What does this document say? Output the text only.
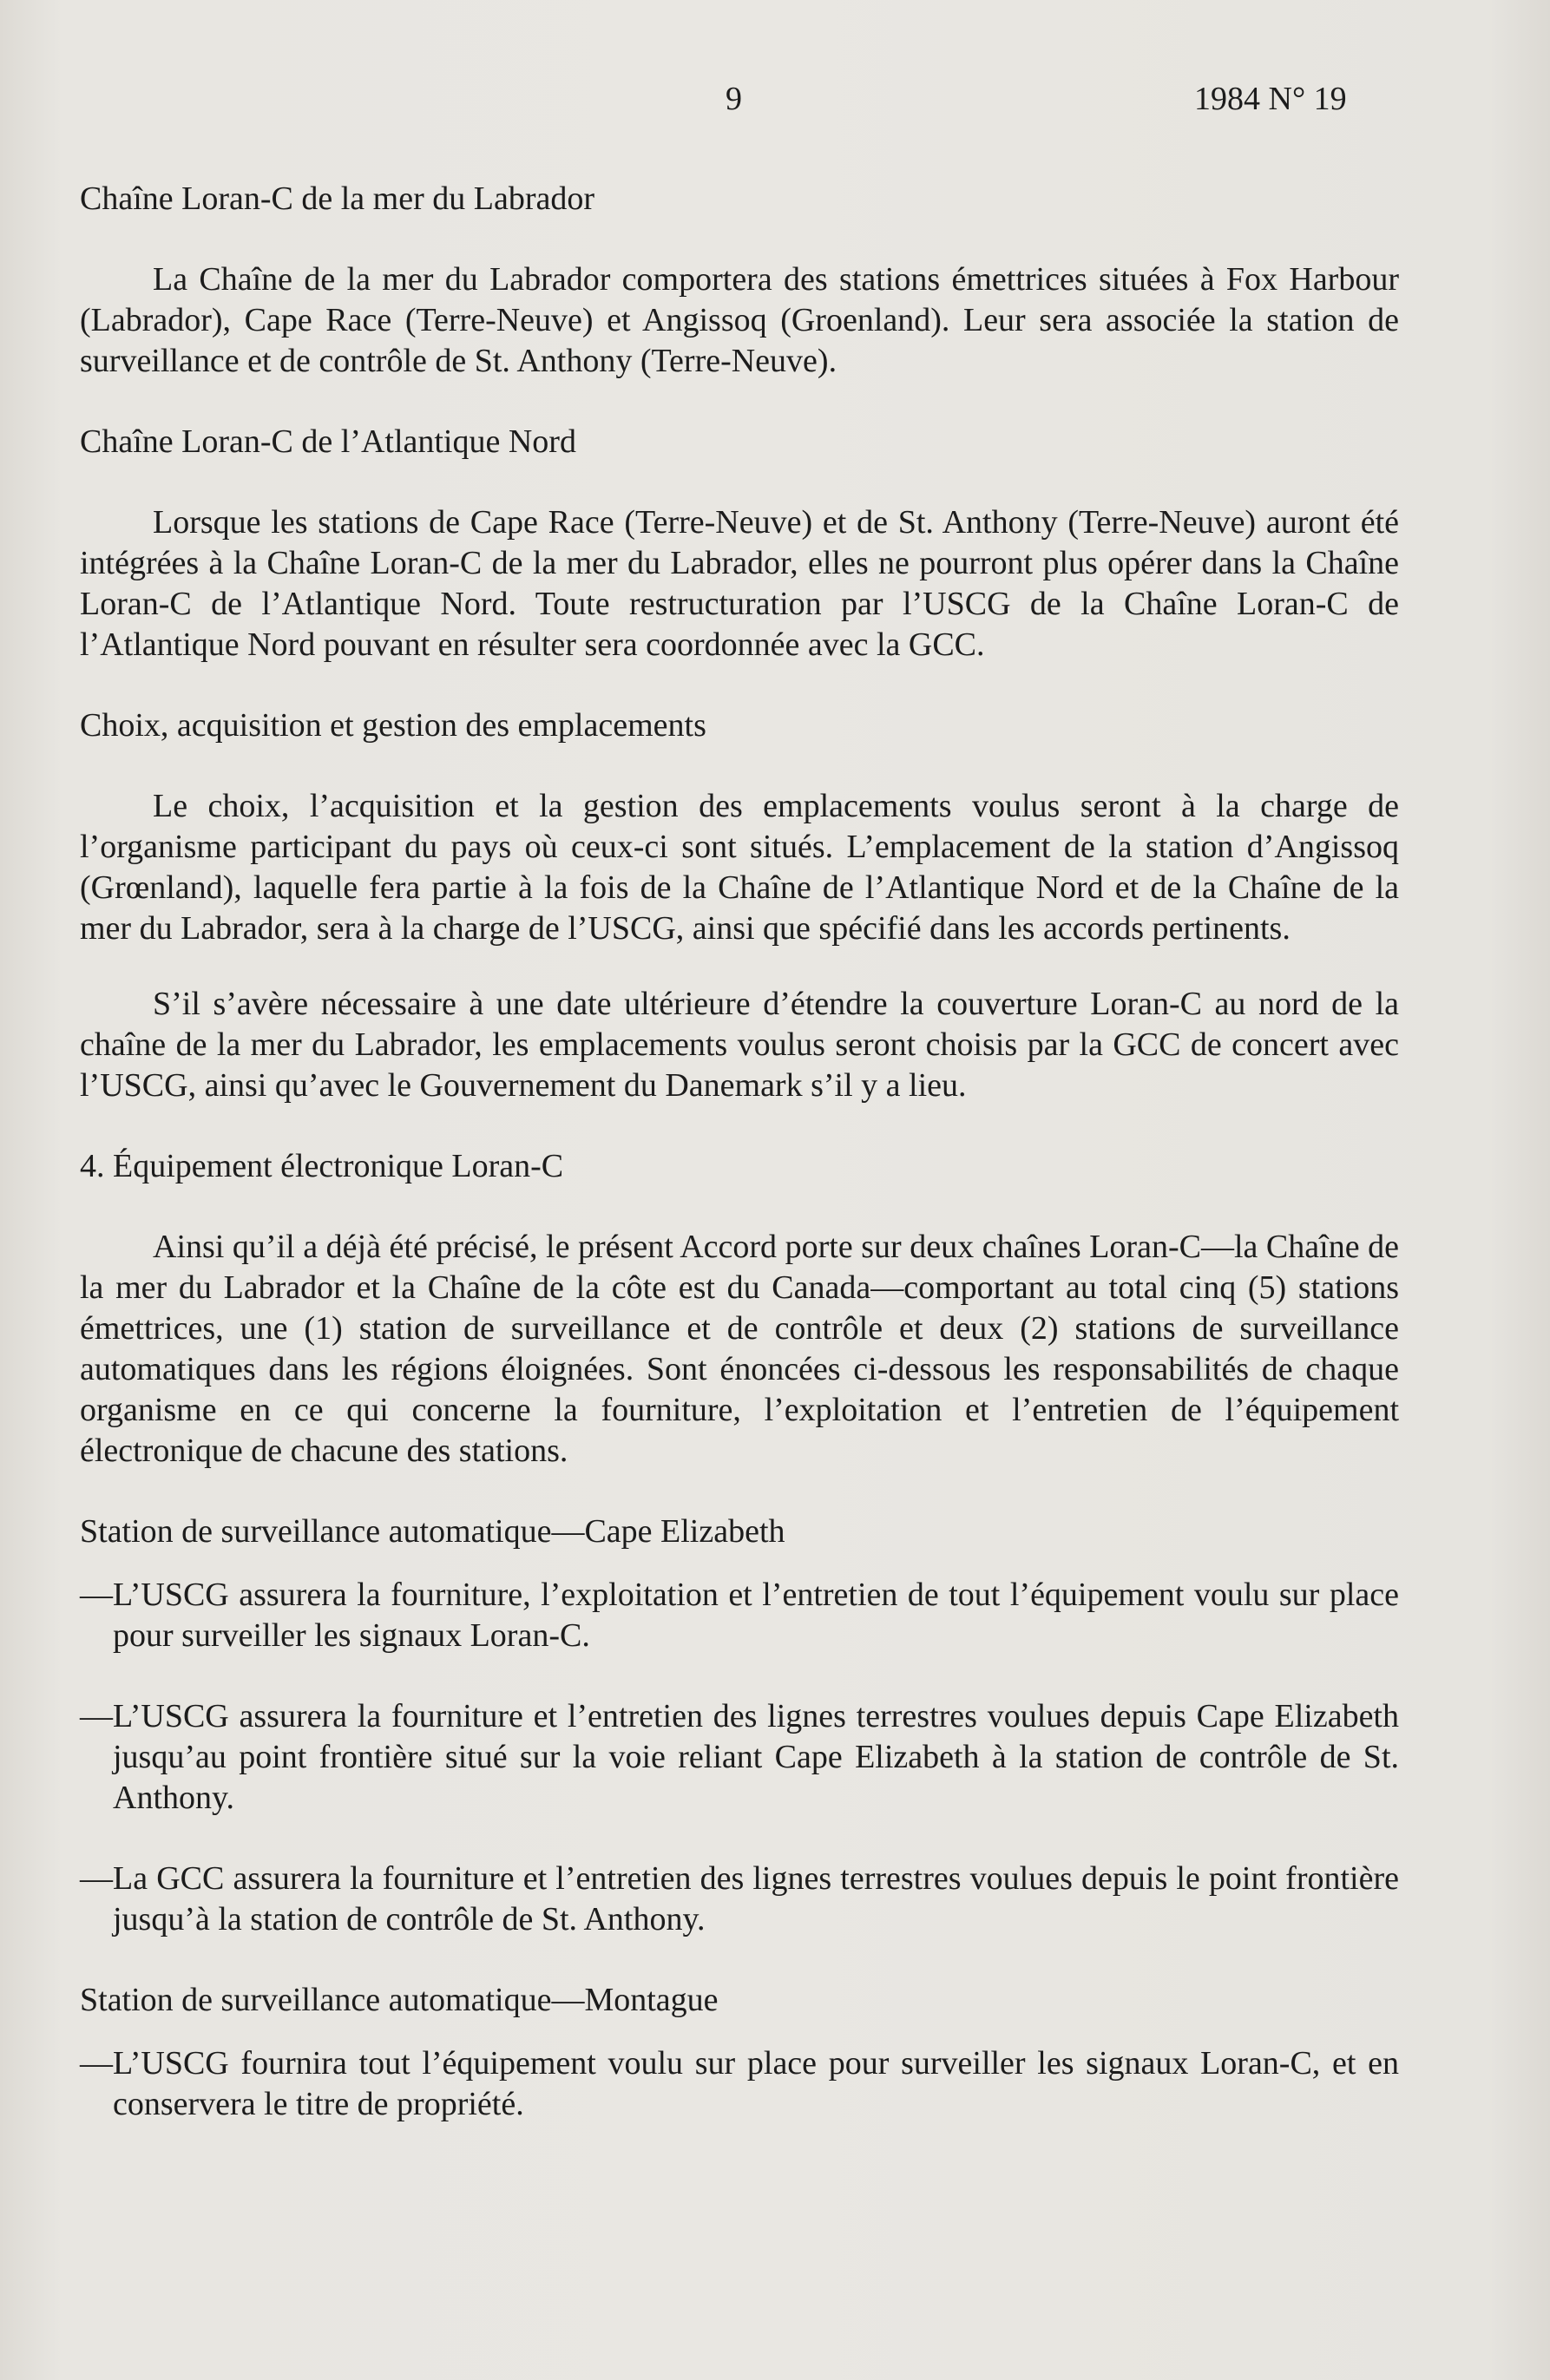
9	1984 N° 19
Chaîne Loran-C de la mer du Labrador

La Chaîne de la mer du Labrador comportera des stations émettrices situées à Fox Harbour (Labrador), Cape Race (Terre-Neuve) et Angissoq (Groenland). Leur sera associée la station de surveillance et de contrôle de St. Anthony (Terre-Neuve).

Chaîne Loran-C de l’Atlantique Nord

Lorsque les stations de Cape Race (Terre-Neuve) et de St. Anthony (Terre-Neuve) auront été intégrées à la Chaîne Loran-C de la mer du Labrador, elles ne pourront plus opérer dans la Chaîne Loran-C de l’Atlantique Nord. Toute restructuration par l’USCG de la Chaîne Loran-C de l’Atlantique Nord pouvant en résulter sera coordonnée avec la GCC.

Choix, acquisition et gestion des emplacements

Le choix, l’acquisition et la gestion des emplacements voulus seront à la charge de l’organisme participant du pays où ceux-ci sont situés. L’emplacement de la station d’Angissoq (Grœnland), laquelle fera partie à la fois de la Chaîne de l’Atlantique Nord et de la Chaîne de la mer du Labrador, sera à la charge de l’USCG, ainsi que spécifié dans les accords pertinents.

S’il s’avère nécessaire à une date ultérieure d’étendre la couverture Loran-C au nord de la chaîne de la mer du Labrador, les emplacements voulus seront choisis par la GCC de concert avec l’USCG, ainsi qu’avec le Gouvernement du Danemark s’il y a lieu.

4. Équipement électronique Loran-C

Ainsi qu’il a déjà été précisé, le présent Accord porte sur deux chaînes Loran-C—la Chaîne de la mer du Labrador et la Chaîne de la côte est du Canada—comportant au total cinq (5) stations émettrices, une (1) station de surveillance et de contrôle et deux (2) stations de surveillance automatiques dans les régions éloignées. Sont énoncées ci-dessous les responsabilités de chaque organisme en ce qui concerne la fourniture, l’exploitation et l’entretien de l’équipement électronique de chacune des stations.

Station de surveillance automatique—Cape Elizabeth

—L’USCG assurera la fourniture, l’exploitation et l’entretien de tout l’équipement voulu sur place pour surveiller les signaux Loran-C.

—L’USCG assurera la fourniture et l’entretien des lignes terrestres voulues depuis Cape Elizabeth jusqu’au point frontière situé sur la voie reliant Cape Elizabeth à la station de contrôle de St. Anthony.

—La GCC assurera la fourniture et l’entretien des lignes terrestres voulues depuis le point frontière jusqu’à la station de contrôle de St. Anthony.

Station de surveillance automatique—Montague

—L’USCG fournira tout l’équipement voulu sur place pour surveiller les signaux Loran-C, et en conservera le titre de propriété.
